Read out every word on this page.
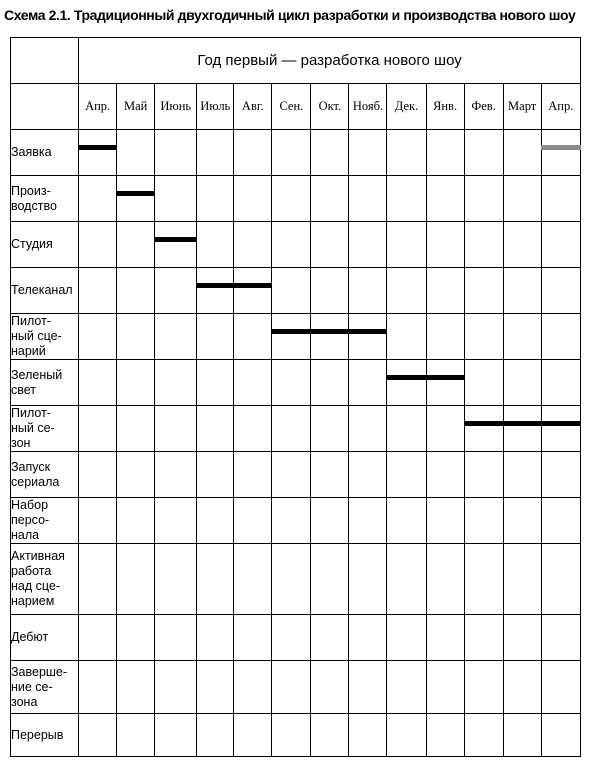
Схема 2.1. Традиционный двухгодичный цикл разработки и производства нового шоу
	Год первый — разработка нового шоу												
	Апр.	Май	Июнь	Июль	Авг.	Сен.	Окт.	Нояб.	Дек.	Янв.	Фев.	Март	Апр.

Заявка													

Произ-
водство													

Студия													

Телеканал													

Пилот-
ный сце-
нарий													

Зеленый
свет													

Пилот-
ный се-
зон													

Запуск
сериала													

Набор
персо-
нала													

Активная
работа
над сце-
нарием													

Дебют													

Заверше-
ние се-
зона													

Перерыв													
